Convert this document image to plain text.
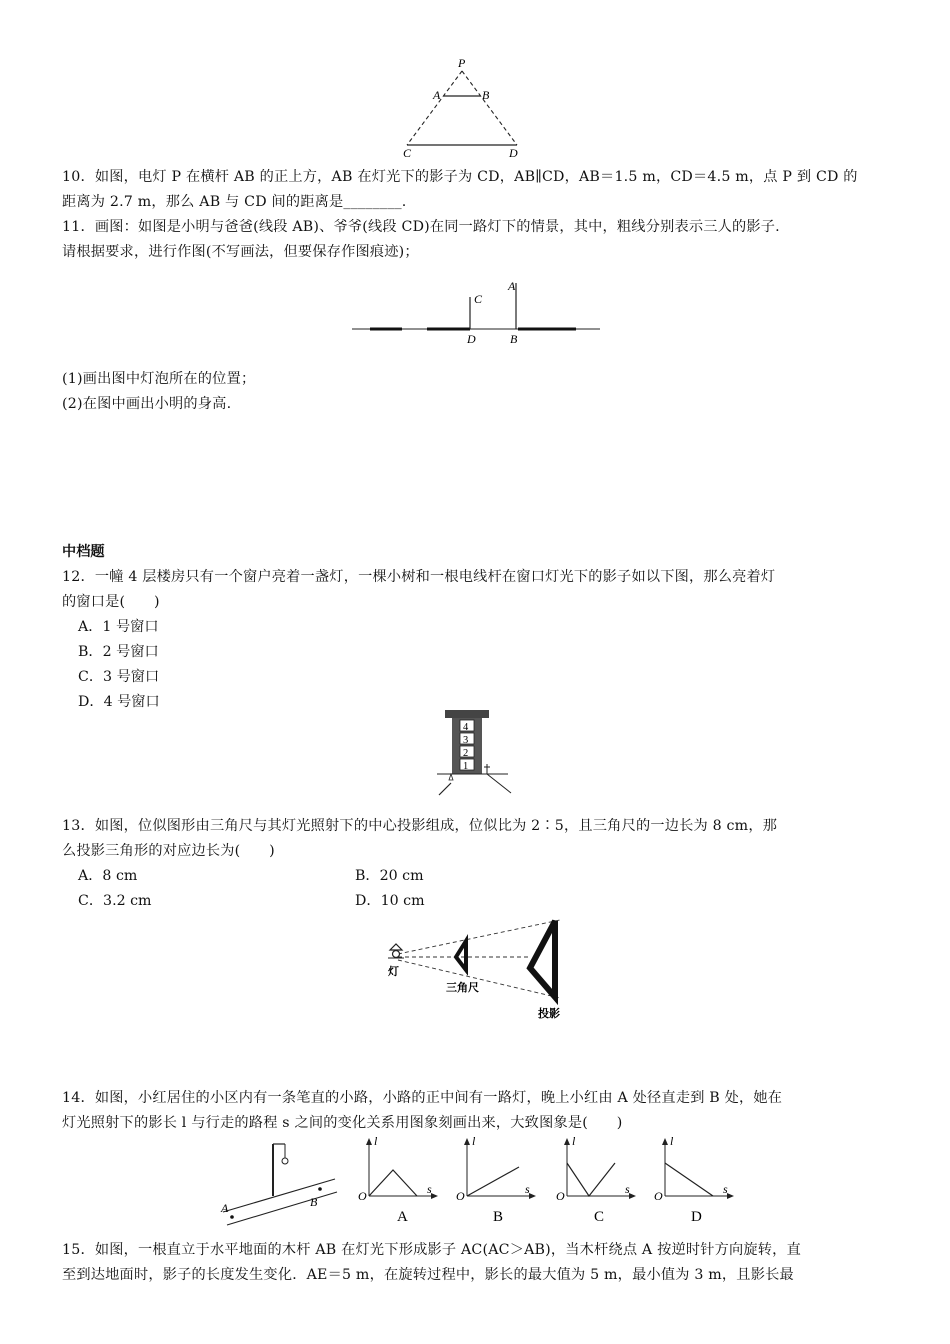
P
A	B
C	D
10．如图，电灯 P 在横杆 AB 的正上方，AB 在灯光下的影子为 CD，AB∥CD，AB＝1.5 m，CD＝4.5 m，点 P 到 CD 的
距离为 2.7 m，那么 AB 与 CD 间的距离是________.
11．画图：如图是小明与爸爸(线段 AB)、爷爷(线段 CD)在同一路灯下的情景，其中，粗线分别表示三人的影子.
请根据要求，进行作图(不写画法，但要保存作图痕迹)；
C
A
D	B
(1)画出图中灯泡所在的位置；
(2)在图中画出小明的身高.
中档题
12．一幢 4 层楼房只有一个窗户亮着一盏灯，一棵小树和一根电线杆在窗口灯光下的影子如以下图，那么亮着灯
的窗口是(　　)
A．1 号窗口
B．2 号窗口
C．3 号窗口
D．4 号窗口
4
3
2
1
13．如图，位似图形由三角尺与其灯光照射下的中心投影组成，位似比为 2∶5，且三角尺的一边长为 8 cm，那
么投影三角形的对应边长为(　　)
A．8 cm	B．20 cm
C．3.2 cm	D．10 cm
灯
三角尺
投影
14．如图，小红居住的小区内有一条笔直的小路，小路的正中间有一路灯，晚上小红由 A 处径直走到 B 处，她在
灯光照射下的影长 l 与行走的路程 s 之间的变化关系用图象刻画出来，大致图象是(　　)
A	B
l
s
O
A
l
s
O
B
l
s
O
C
l
s
O
D
15．如图，一根直立于水平地面的木杆 AB 在灯光下形成影子 AC(AC＞AB)，当木杆绕点 A 按逆时针方向旋转，直
至到达地面时，影子的长度发生变化．AE＝5 m，在旋转过程中，影长的最大值为 5 m，最小值为 3 m，且影长最
